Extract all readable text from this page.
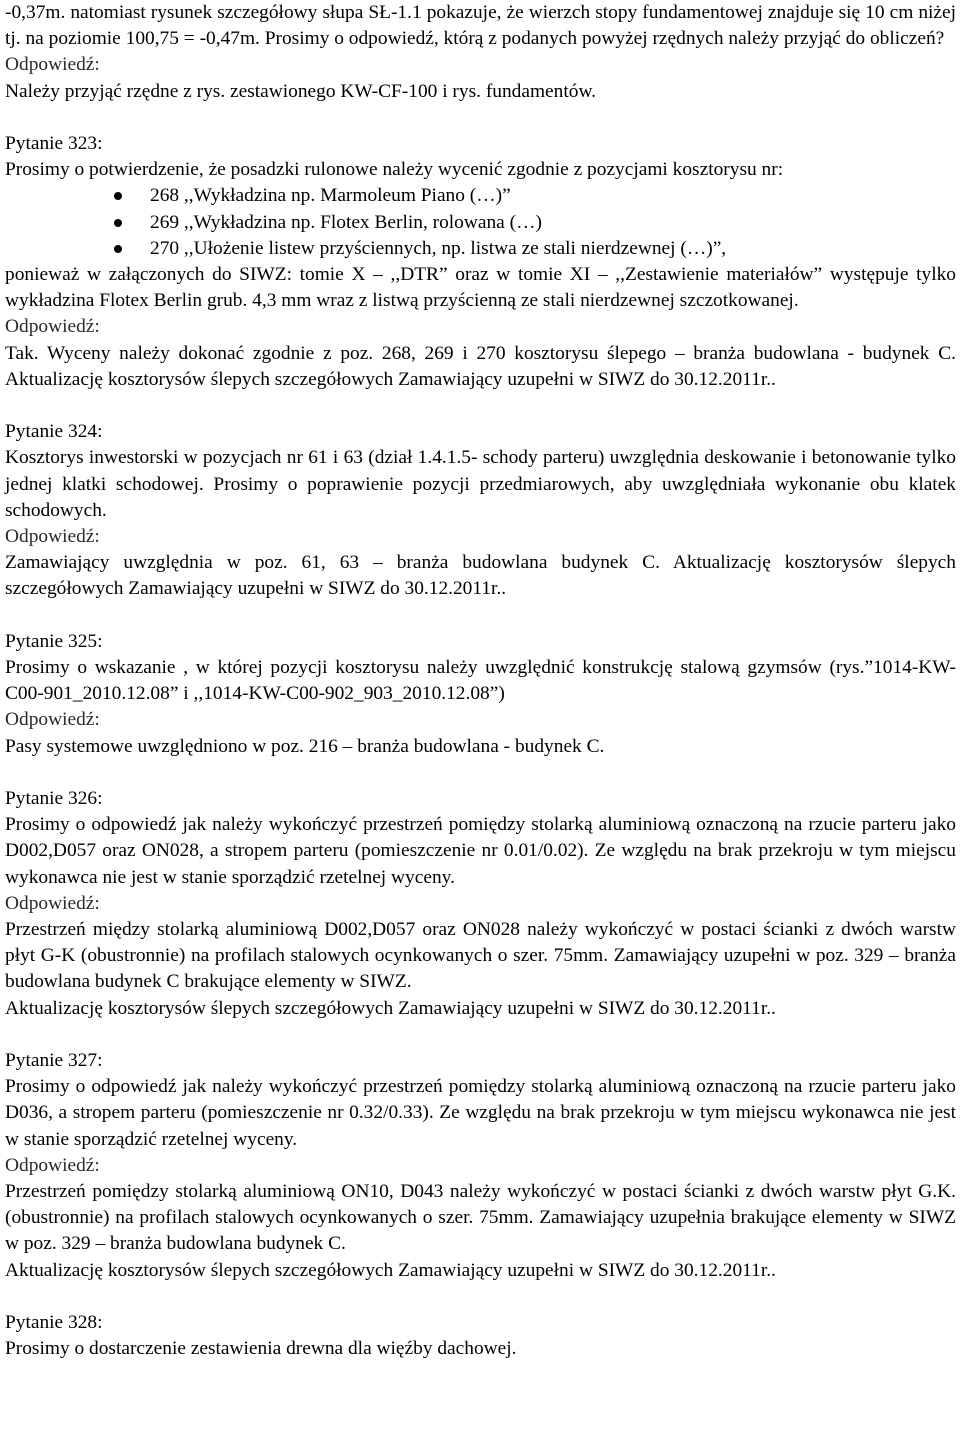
-0,37m. natomiast rysunek szczegółowy słupa SŁ-1.1 pokazuje, że wierzch stopy fundamentowej znajduje się 10 cm niżej tj. na poziomie 100,75 = -0,47m. Prosimy o odpowiedź, którą z podanych powyżej rzędnych należy przyjąć do obliczeń?

Odpowiedź:

Należy przyjąć rzędne z rys. zestawionego KW-CF-100 i rys. fundamentów.

Pytanie 323:

Prosimy o potwierdzenie, że posadzki rulonowe należy wycenić zgodnie z pozycjami kosztorysu nr:

268 ,,Wykładzina np. Marmoleum Piano (…)”
269 ,,Wykładzina np. Flotex Berlin, rolowana (…)
270 ,,Ułożenie listew przyściennych, np. listwa ze stali nierdzewnej (…)”,

ponieważ w załączonych do SIWZ: tomie X – ,,DTR” oraz w tomie XI – ,,Zestawienie materiałów” występuje tylko wykładzina Flotex Berlin grub. 4,3 mm wraz z listwą przyścienną ze stali nierdzewnej szczotkowanej.

Odpowiedź:

Tak. Wyceny należy dokonać zgodnie z poz. 268, 269 i 270 kosztorysu ślepego – branża budowlana - budynek C. Aktualizację kosztorysów ślepych szczegółowych Zamawiający uzupełni w SIWZ do 30.12.2011r..

Pytanie 324:

Kosztorys inwestorski w pozycjach nr 61 i 63 (dział 1.4.1.5- schody parteru) uwzględnia deskowanie i betonowanie tylko jednej klatki schodowej. Prosimy o poprawienie pozycji przedmiarowych, aby uwzględniała wykonanie obu klatek schodowych.

Odpowiedź:

Zamawiający uwzględnia w poz. 61, 63 – branża budowlana budynek C. Aktualizację kosztorysów ślepych szczegółowych Zamawiający uzupełni w SIWZ do 30.12.2011r..

Pytanie 325:

Prosimy o wskazanie , w której pozycji kosztorysu należy uwzględnić konstrukcję stalową gzymsów (rys.”1014-KW-C00-901_2010.12.08” i ,,1014-KW-C00-902_903_2010.12.08”)

Odpowiedź:

Pasy systemowe uwzględniono w poz. 216 – branża budowlana - budynek C.

Pytanie 326:

Prosimy o odpowiedź jak należy wykończyć przestrzeń pomiędzy stolarką aluminiową oznaczoną na rzucie parteru jako D002,D057 oraz ON028, a stropem parteru (pomieszczenie nr 0.01/0.02). Ze względu na brak przekroju w tym miejscu wykonawca nie jest w stanie sporządzić rzetelnej wyceny.

Odpowiedź:

Przestrzeń między stolarką aluminiową D002,D057 oraz ON028 należy wykończyć w postaci ścianki z dwóch warstw płyt G-K (obustronnie) na profilach stalowych ocynkowanych o szer. 75mm. Zamawiający uzupełni w poz. 329 – branża budowlana budynek C brakujące elementy w SIWZ.

Aktualizację kosztorysów ślepych szczegółowych Zamawiający uzupełni w SIWZ do 30.12.2011r..

Pytanie 327:

Prosimy o odpowiedź jak należy wykończyć przestrzeń pomiędzy stolarką aluminiową oznaczoną na rzucie parteru jako D036, a stropem parteru (pomieszczenie nr 0.32/0.33). Ze względu na brak przekroju w tym miejscu wykonawca nie jest w stanie sporządzić rzetelnej wyceny.

Odpowiedź:

Przestrzeń pomiędzy stolarką aluminiową ON10, D043 należy wykończyć w postaci ścianki z dwóch warstw płyt G.K.(obustronnie) na profilach stalowych ocynkowanych o szer. 75mm. Zamawiający uzupełnia brakujące elementy w SIWZ w poz. 329 – branża budowlana budynek C.

Aktualizację kosztorysów ślepych szczegółowych Zamawiający uzupełni w SIWZ do 30.12.2011r..

Pytanie 328:

Prosimy o dostarczenie zestawienia drewna dla więźby dachowej.
